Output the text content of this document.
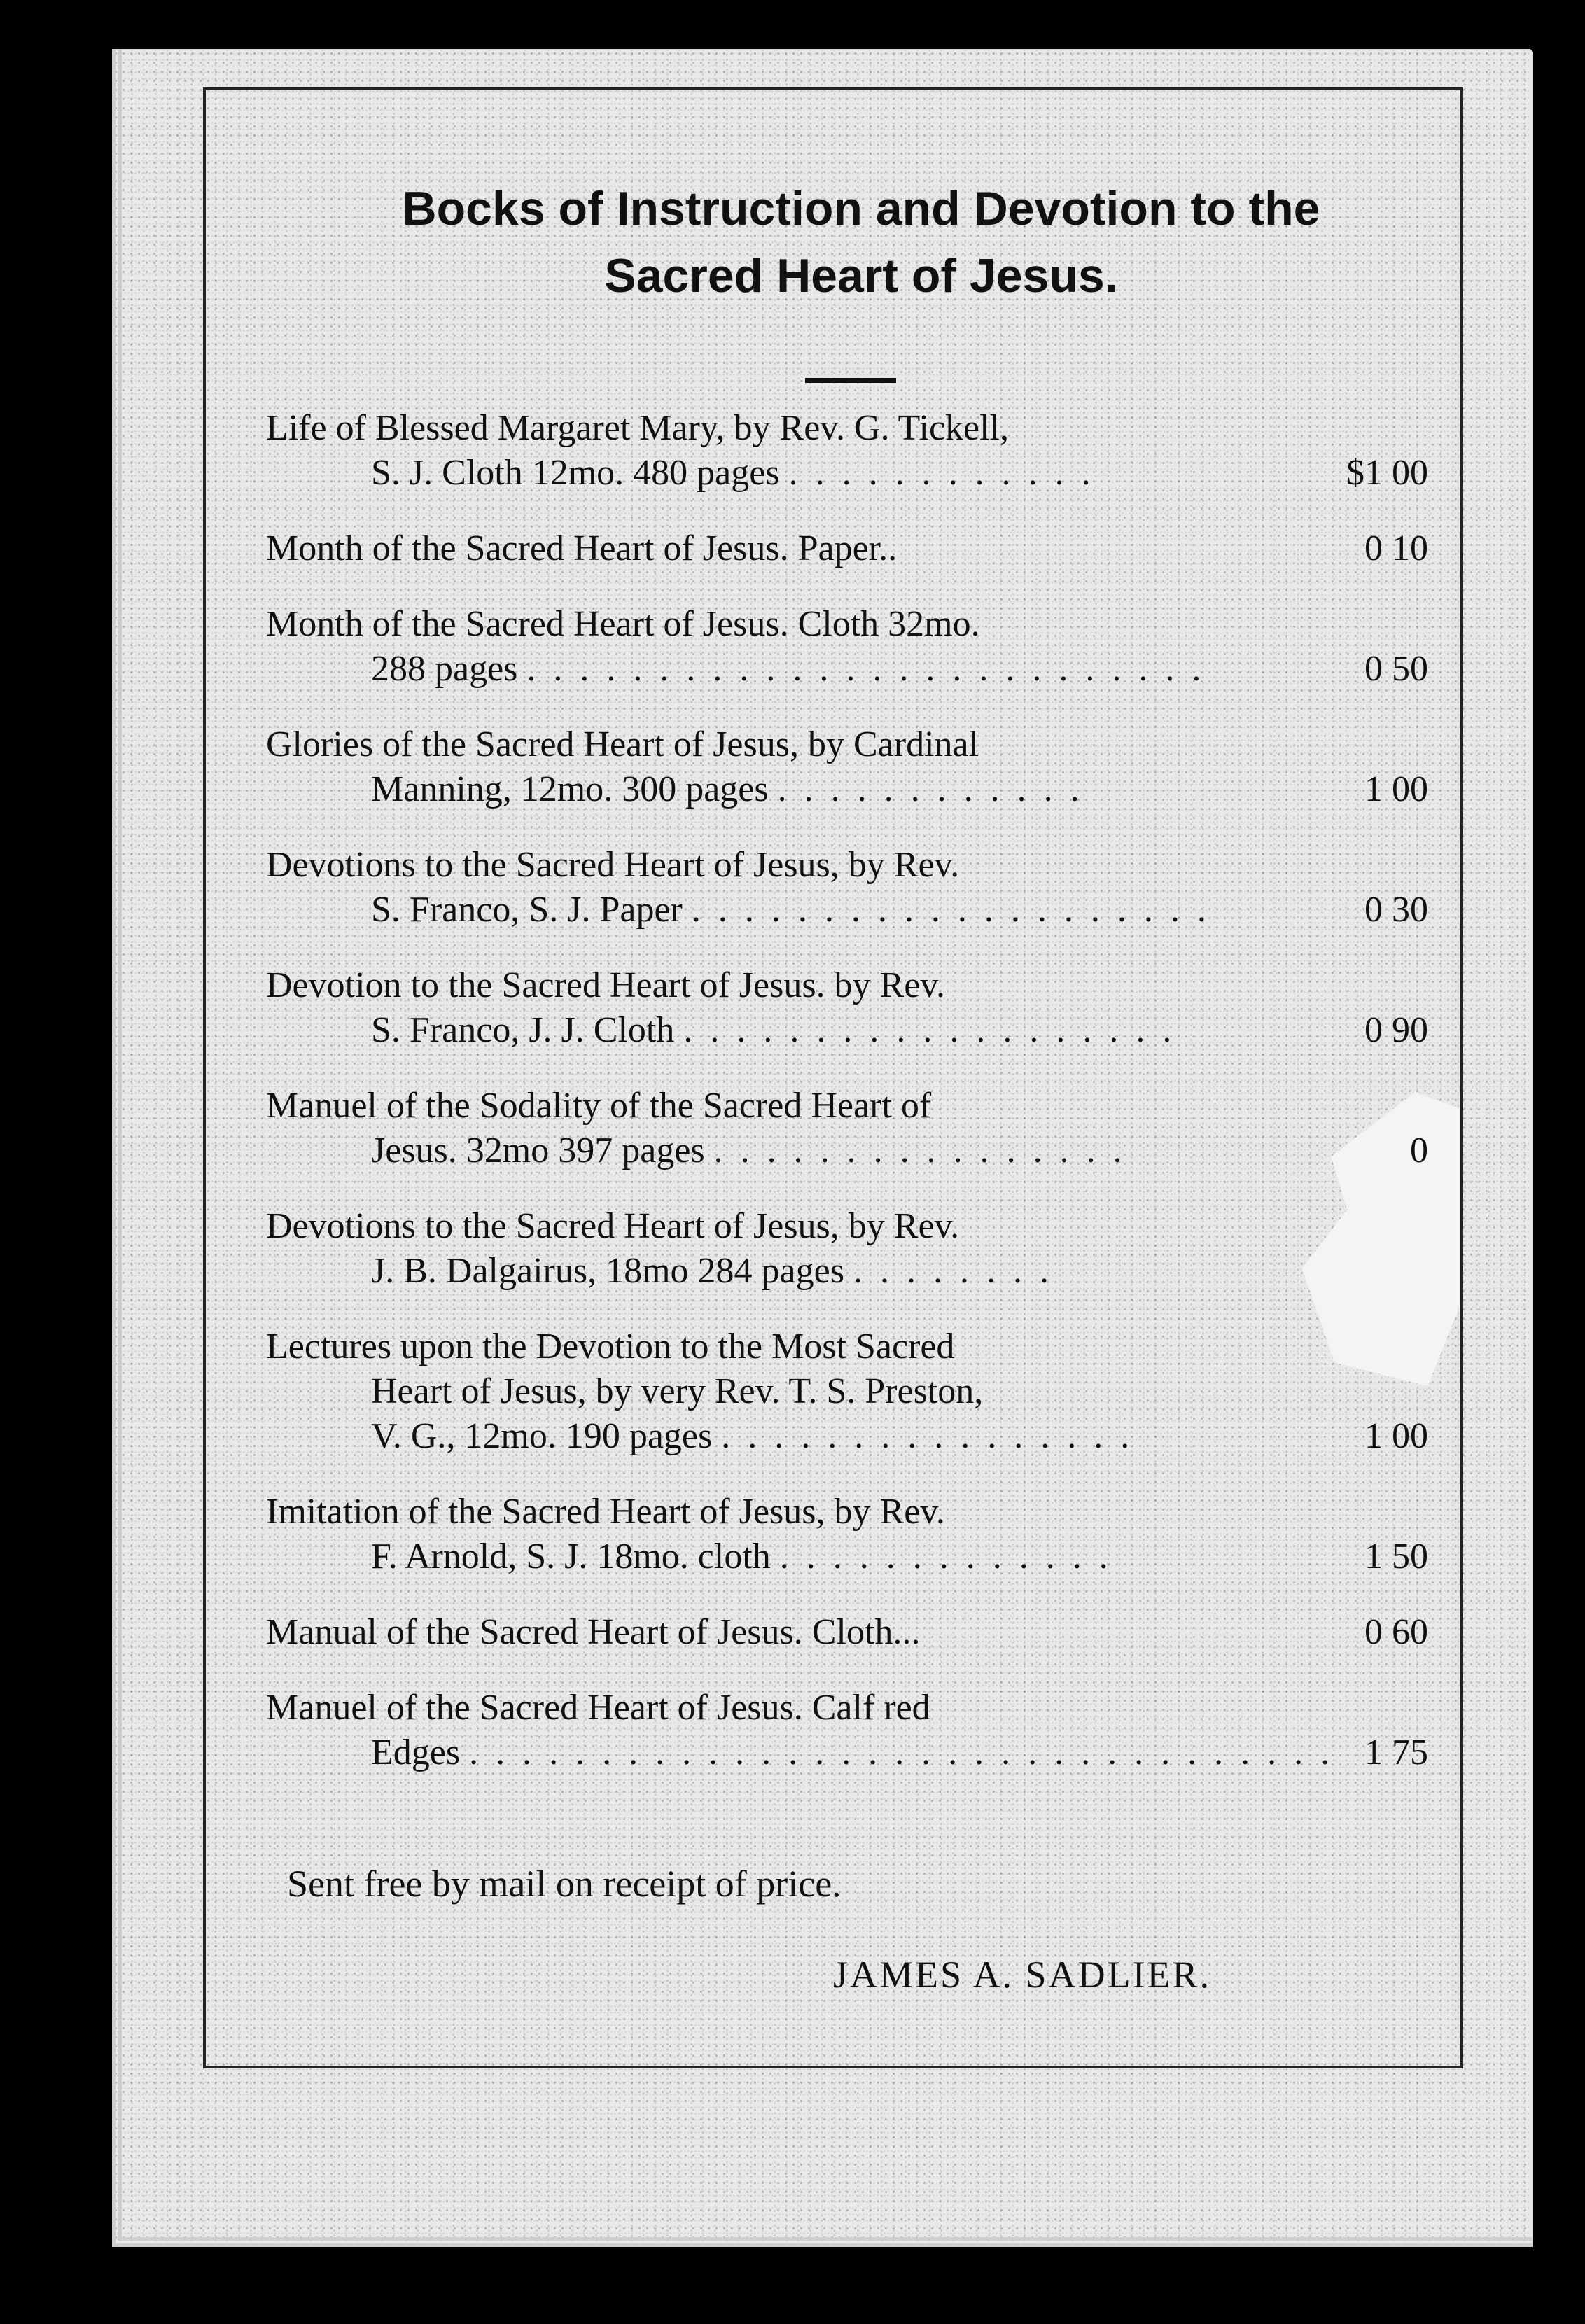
Bocks of Instruction and Devotion to the
Sacred Heart of Jesus.
Life of Blessed Margaret Mary, by Rev. G. Tickell,
S. J. Cloth 12mo. 480 pages . . . . . . . . . . . .	$1 00
Month of the Sacred Heart of Jesus. Paper..	0 10
Month of the Sacred Heart of Jesus. Cloth 32mo.
288 pages . . . . . . . . . . . . . . . . . . . . . . . . . .	0 50
Glories of the Sacred Heart of Jesus, by Cardinal
Manning, 12mo. 300 pages . . . . . . . . . . . .	1 00
Devotions to the Sacred Heart of Jesus, by Rev.
S. Franco, S. J. Paper . . . . . . . . . . . . . . . . . . . .	0 30
Devotion to the Sacred Heart of Jesus. by Rev.
S. Franco, J. J. Cloth . . . . . . . . . . . . . . . . . . .	0 90
Manuel of the Sodality of the Sacred Heart of
Jesus. 32mo 397 pages . . . . . . . . . . . . . . . .	0
Devotions to the Sacred Heart of Jesus, by Rev.
J. B. Dalgairus, 18mo 284 pages . . . . . . . .
Lectures upon the Devotion to the Most Sacred
Heart of Jesus, by very Rev. T. S. Preston,
V. G., 12mo. 190 pages . . . . . . . . . . . . . . . .	1 00
Imitation of the Sacred Heart of Jesus, by Rev.
F. Arnold, S. J. 18mo. cloth . . . . . . . . . . . . .	1 50
Manual of the Sacred Heart of Jesus. Cloth...	0 60
Manuel of the Sacred Heart of Jesus. Calf red
Edges . . . . . . . . . . . . . . . . . . . . . . . . . . . . . . . . . 1 75
Sent free by mail on receipt of price.
JAMES A. SADLIER.
